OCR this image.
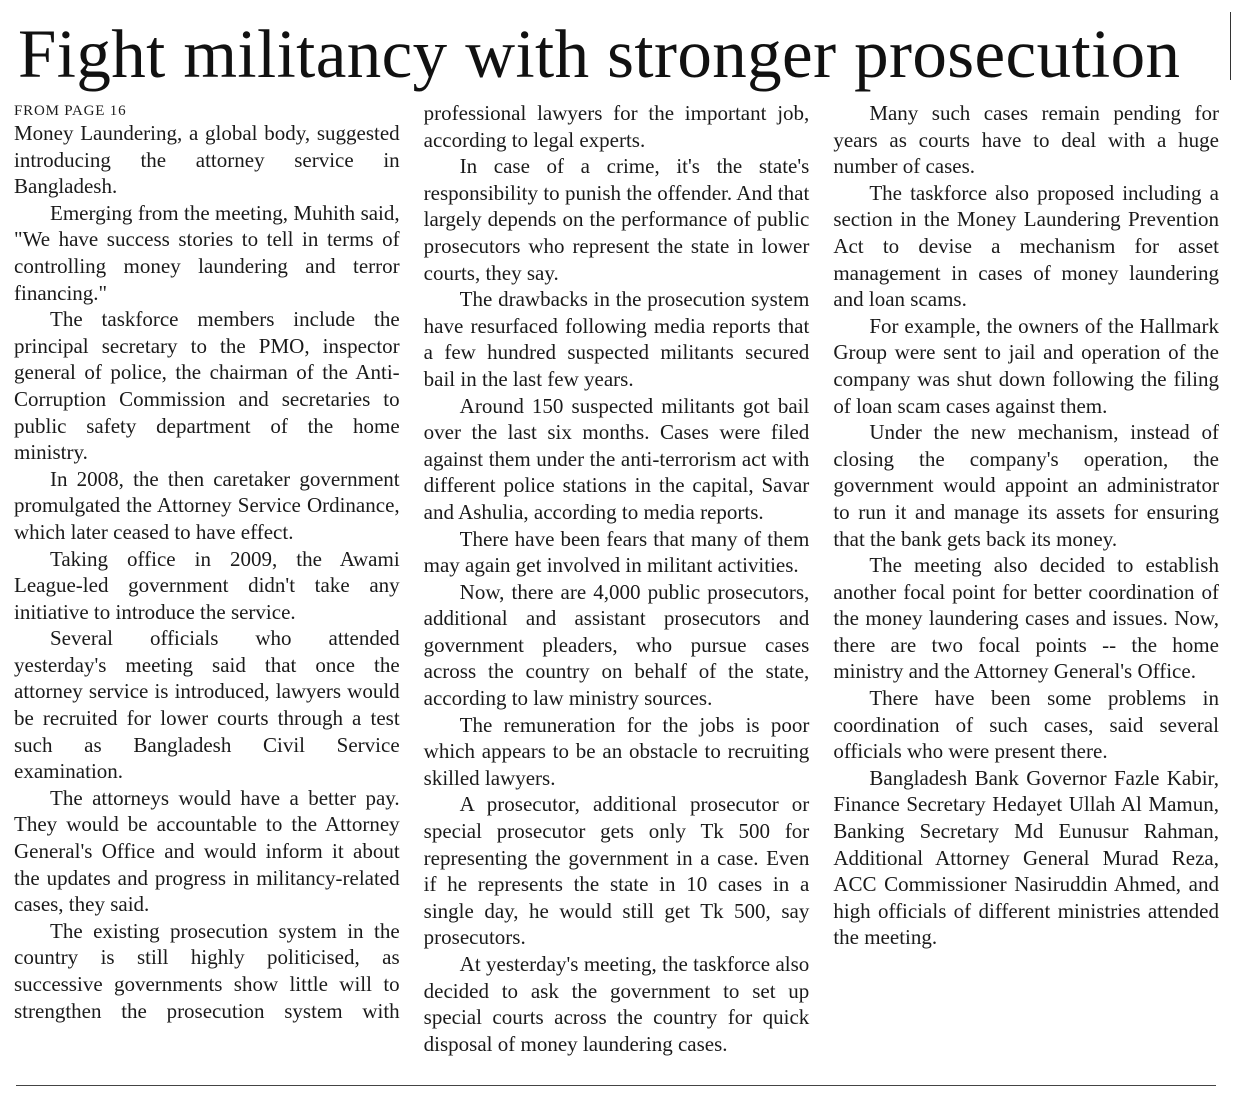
Fight militancy with stronger prosecution
FROM PAGE 16

Money Laundering, a global body, suggested introducing the attorney service in Bangladesh.

Emerging from the meeting, Muhith said, "We have success stories to tell in terms of controlling money laundering and terror financing."

The taskforce members include the principal secretary to the PMO, inspector general of police, the chairman of the Anti-Corruption Commission and secretaries to public safety department of the home ministry.

In 2008, the then caretaker government promulgated the Attorney Service Ordinance, which later ceased to have effect.

Taking office in 2009, the Awami League-led government didn't take any initiative to introduce the service.

Several officials who attended yesterday's meeting said that once the attorney service is introduced, lawyers would be recruited for lower courts through a test such as Bangladesh Civil Service examination.

The attorneys would have a better pay. They would be accountable to the Attorney General's Office and would inform it about the updates and progress in militancy-related cases, they said.

The existing prosecution system in the country is still highly politicised, as successive governments show little will to strengthen the prosecution system with professional lawyers for the important job, according to legal experts.

In case of a crime, it's the state's responsibility to punish the offender. And that largely depends on the performance of public prosecutors who represent the state in lower courts, they say.

The drawbacks in the prosecution system have resurfaced following media reports that a few hundred suspected militants secured bail in the last few years.

Around 150 suspected militants got bail over the last six months. Cases were filed against them under the anti-terrorism act with different police stations in the capital, Savar and Ashulia, according to media reports.

There have been fears that many of them may again get involved in militant activities.

Now, there are 4,000 public prosecutors, additional and assistant prosecutors and government pleaders, who pursue cases across the country on behalf of the state, according to law ministry sources.

The remuneration for the jobs is poor which appears to be an obstacle to recruiting skilled lawyers.

A prosecutor, additional prosecutor or special prosecutor gets only Tk 500 for representing the government in a case. Even if he represents the state in 10 cases in a single day, he would still get Tk 500, say prosecutors.

At yesterday's meeting, the taskforce also decided to ask the government to set up special courts across the country for quick disposal of money laundering cases.

Many such cases remain pending for years as courts have to deal with a huge number of cases.

The taskforce also proposed including a section in the Money Laundering Prevention Act to devise a mechanism for asset management in cases of money laundering and loan scams.

For example, the owners of the Hallmark Group were sent to jail and operation of the company was shut down following the filing of loan scam cases against them.

Under the new mechanism, instead of closing the company's operation, the government would appoint an administrator to run it and manage its assets for ensuring that the bank gets back its money.

The meeting also decided to establish another focal point for better coordination of the money laundering cases and issues. Now, there are two focal points -- the home ministry and the Attorney General's Office.

There have been some problems in coordination of such cases, said several officials who were present there.

Bangladesh Bank Governor Fazle Kabir, Finance Secretary Hedayet Ullah Al Mamun, Banking Secretary Md Eunusur Rahman, Additional Attorney General Murad Reza, ACC Commissioner Nasiruddin Ahmed, and high officials of different ministries attended the meeting.
